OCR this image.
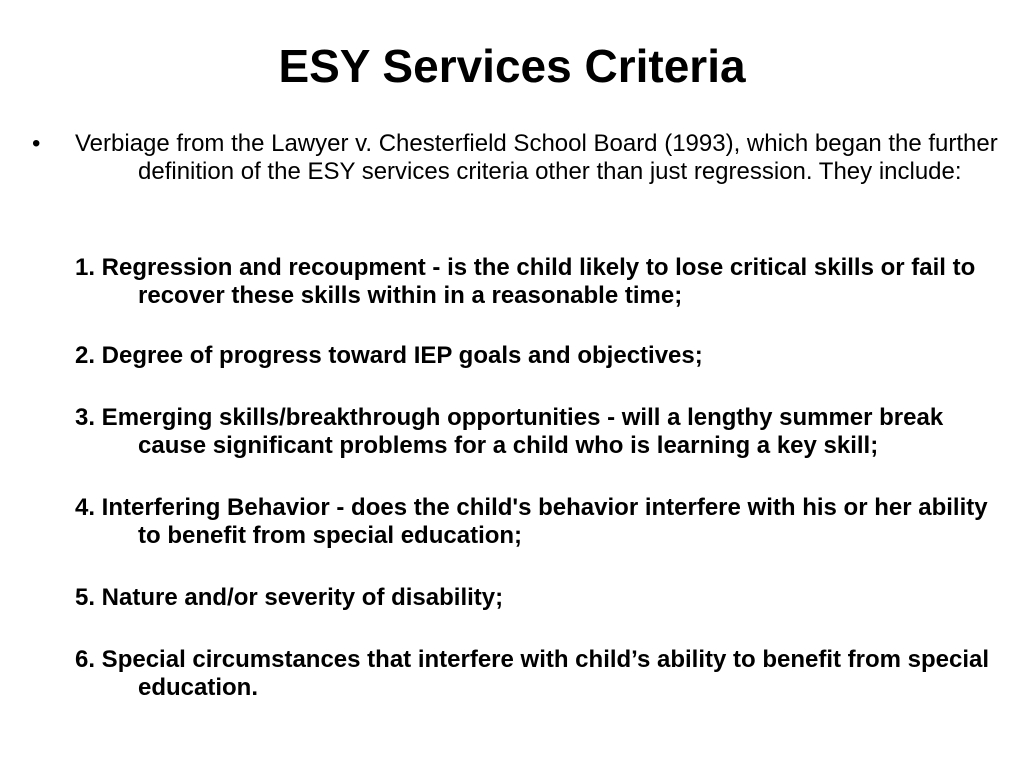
ESY Services Criteria
•	Verbiage from the Lawyer v. Chesterfield School Board (1993), which began the further definition of the ESY services criteria other than just regression. They include:
1. Regression and recoupment - is the child likely to lose critical skills or fail to recover these skills within in a reasonable time;
2. Degree of progress toward IEP goals and objectives;
3. Emerging skills/breakthrough opportunities - will a lengthy summer break cause significant problems for a child who is learning a key skill;
4. Interfering Behavior - does the child's behavior interfere with his or her ability to benefit from special education;
5. Nature and/or severity of disability;
6. Special circumstances that interfere with child’s ability to benefit from special education.
